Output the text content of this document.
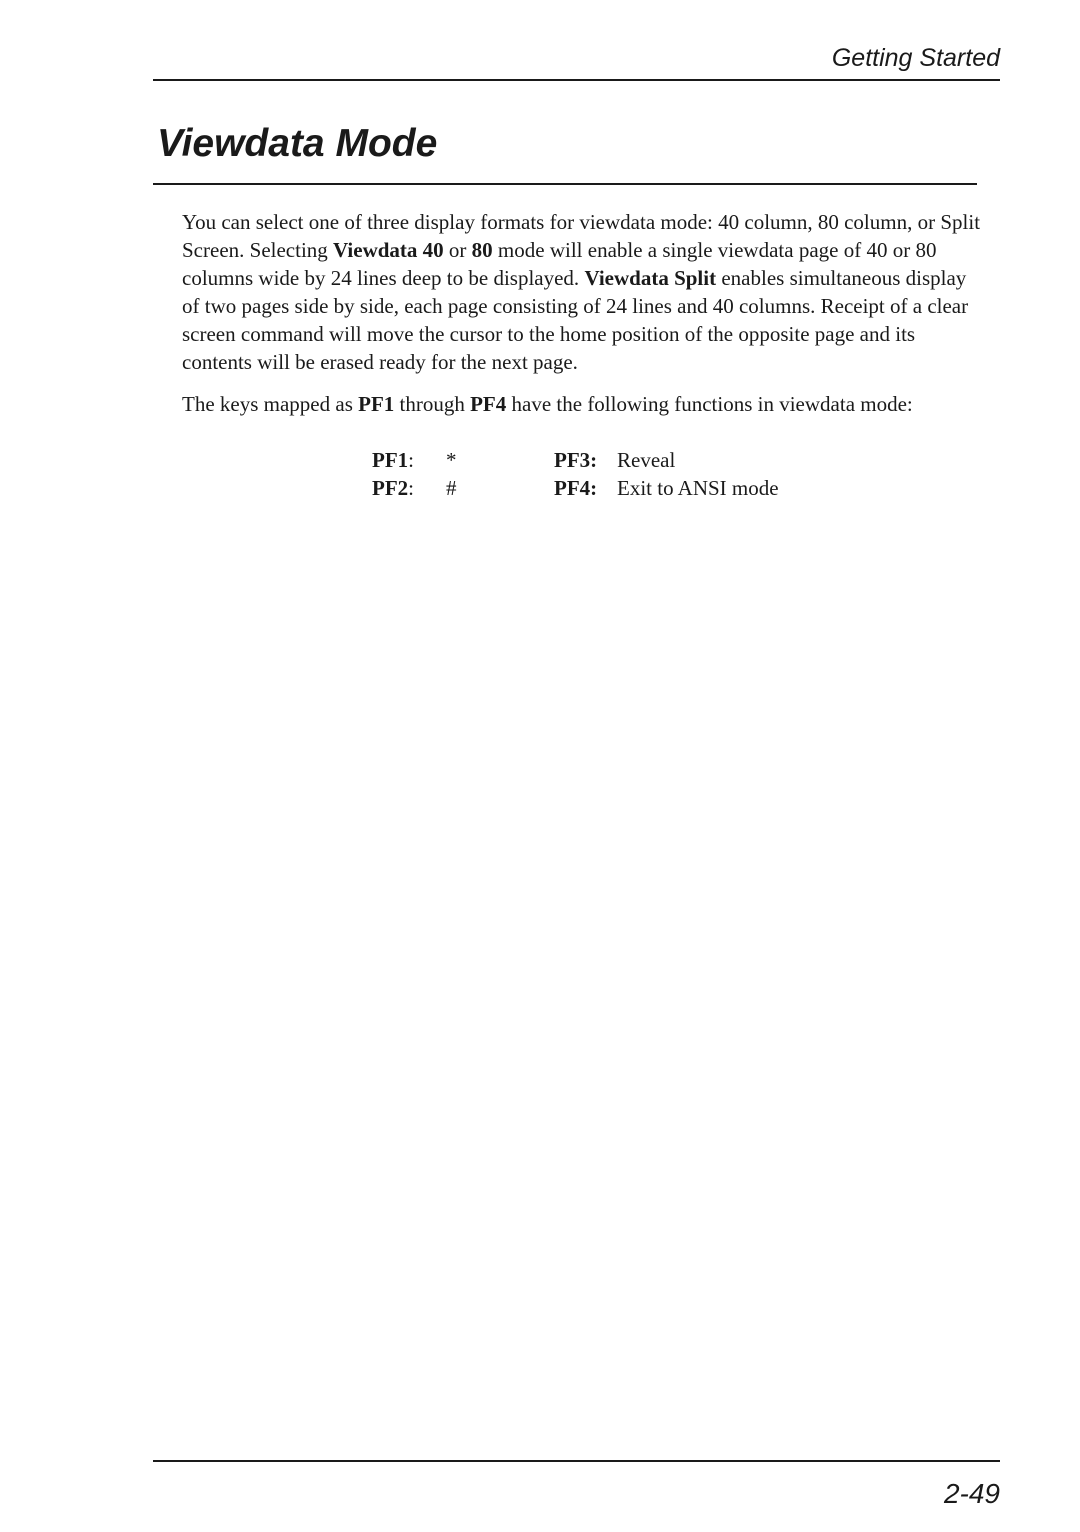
Getting Started
Viewdata Mode

You can select one of three display formats for viewdata mode: 40 column, 80 column, or Split Screen. Selecting Viewdata 40 or 80 mode will enable a single viewdata page of 40 or 80 columns wide by 24 lines deep to be displayed. Viewdata Split enables simultaneous display of two pages side by side, each page consisting of 24 lines and 40 columns. Receipt of a clear screen command will move the cursor to the home position of the opposite page and its contents will be erased ready for the next page.

The keys mapped as PF1 through PF4 have the following functions in viewdata mode:

PF1: *	PF3: Reveal
PF2: #	PF4: Exit to ANSI mode
2-49
